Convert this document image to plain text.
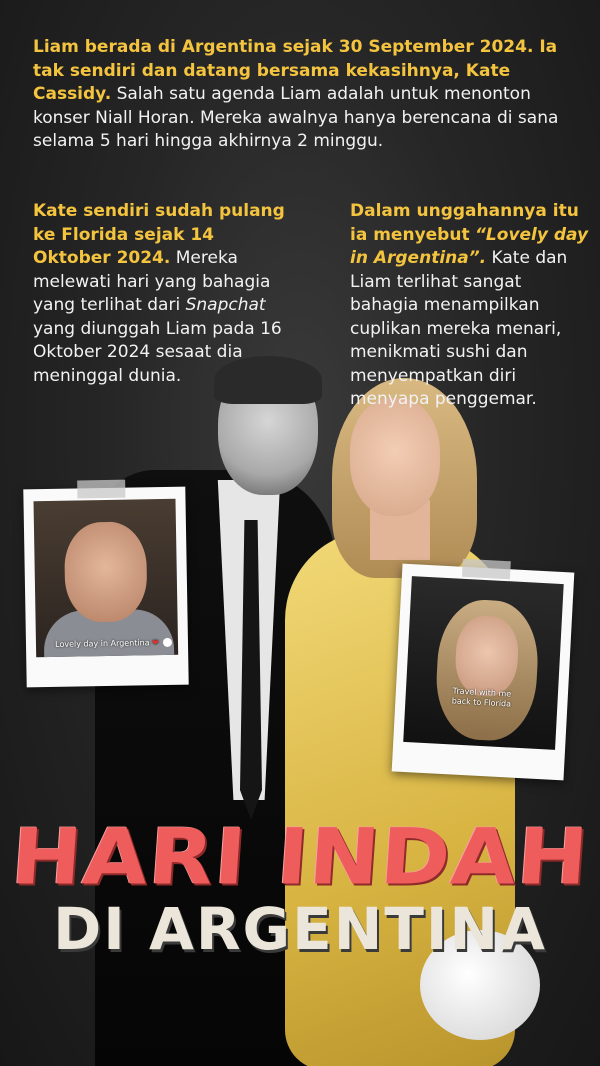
Liam berada di Argentina sejak 30 September 2024. Ia tak sendiri dan datang bersama kekasihnya, Kate Cassidy. Salah satu agenda Liam adalah untuk menonton konser Niall Horan. Mereka awalnya hanya berencana di sana selama 5 hari hingga akhirnya 2 minggu.
Kate sendiri sudah pulang ke Florida sejak 14 Oktober 2024. Mereka melewati hari yang bahagia yang terlihat dari Snapchat yang diunggah Liam pada 16 Oktober 2024 sesaat dia meninggal dunia.
Dalam unggahannya itu ia menyebut “Lovely day in Argentina”. Kate dan Liam terlihat sangat bahagia menampilkan cuplikan mereka menari, menikmati sushi dan menyempatkan diri menyapa penggemar.
Lovely day in Argentina ❤
Travel with me
back to Florida
HARI INDAH
DI ARGENTINA
